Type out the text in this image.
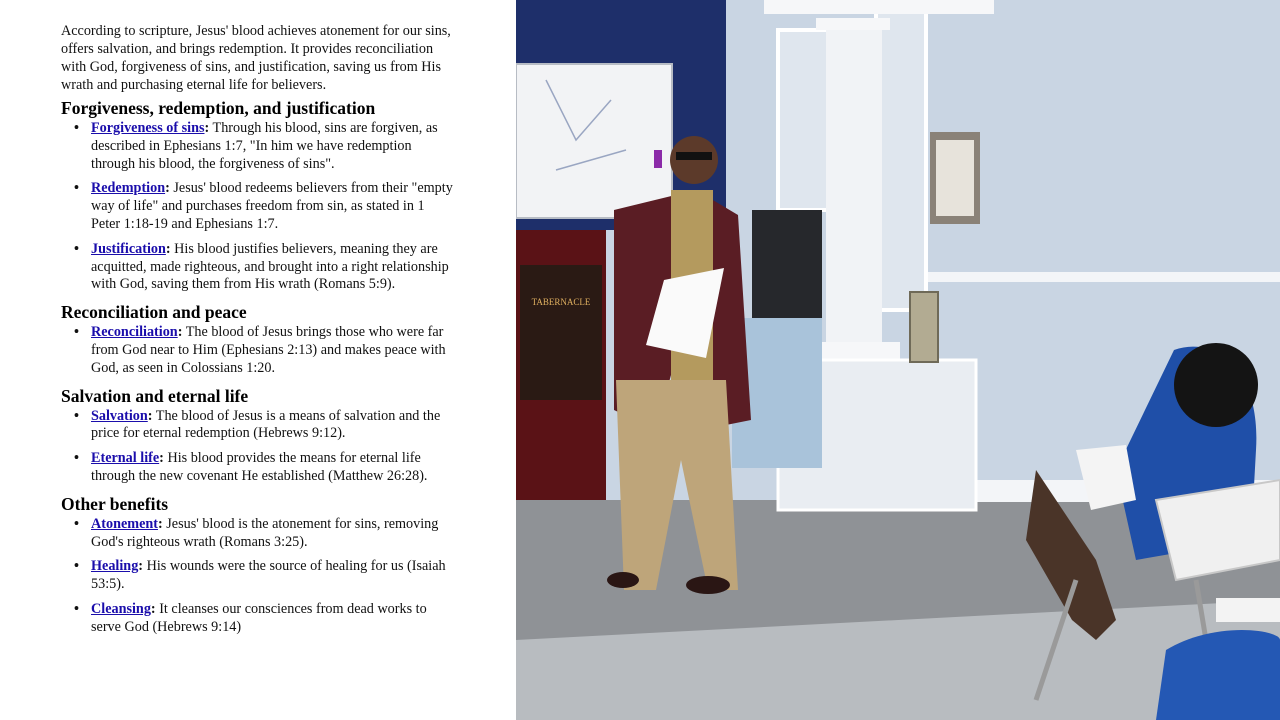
According to scripture, Jesus' blood achieves atonement for our sins, offers salvation, and brings redemption. It provides reconciliation with God, forgiveness of sins, and justification, saving us from His wrath and purchasing eternal life for believers.

Forgiveness, redemption, and justification
• Forgiveness of sins: Through his blood, sins are forgiven, as described in Ephesians 1:7, "In him we have redemption through his blood, the forgiveness of sins".
• Redemption: Jesus' blood redeems believers from their "empty way of life" and purchases freedom from sin, as stated in 1 Peter 1:18-19 and Ephesians 1:7.
• Justification: His blood justifies believers, meaning they are acquitted, made righteous, and brought into a right relationship with God, saving them from His wrath (Romans 5:9).
Reconciliation and peace
• Reconciliation: The blood of Jesus brings those who were far from God near to Him (Ephesians 2:13) and makes peace with God, as seen in Colossians 1:20.
Salvation and eternal life
• Salvation: The blood of Jesus is a means of salvation and the price for eternal redemption (Hebrews 9:12).
• Eternal life: His blood provides the means for eternal life through the new covenant He established (Matthew 26:28).
Other benefits
• Atonement: Jesus' blood is the atonement for sins, removing God's righteous wrath (Romans 3:25).
• Healing: His wounds were the source of healing for us (Isaiah 53:5).
• Cleansing: It cleanses our consciences from dead works to serve God (Hebrews 9:14)
TABERNACLE
